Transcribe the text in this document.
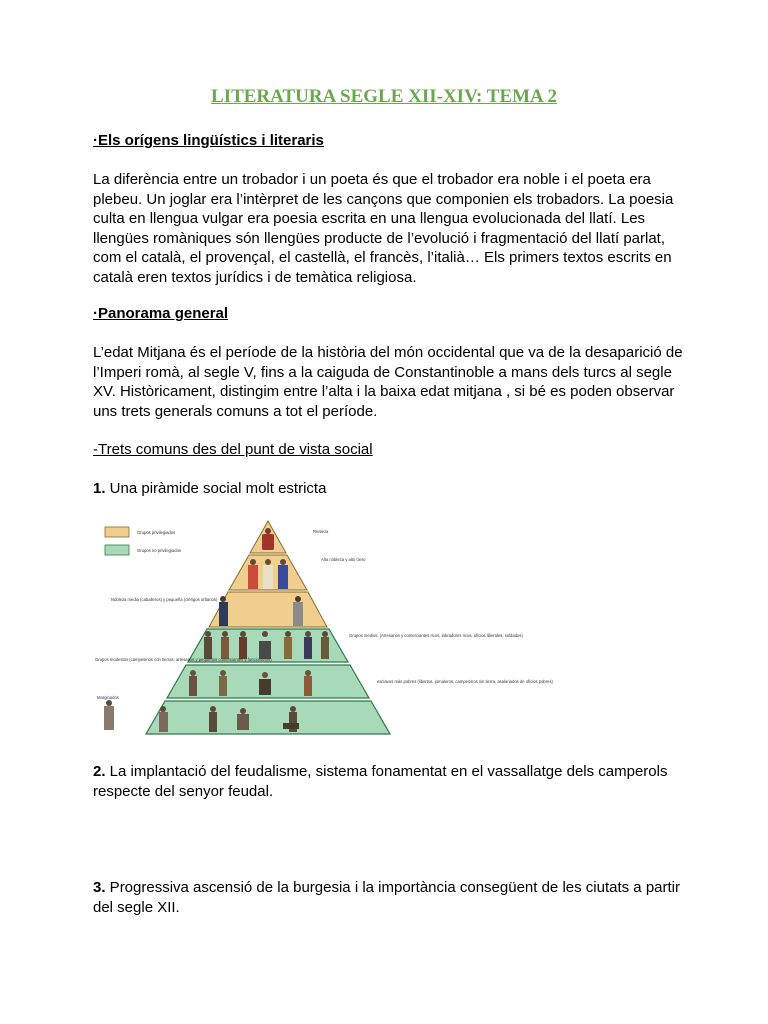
LITERATURA SEGLE XII-XIV: TEMA 2
·Els orígens lingüístics i literaris
La diferència entre un trobador i un poeta és que el trobador era noble i el poeta era plebeu. Un joglar era l’intèrpret de les cançons que componien els trobadors. La poesia culta en llengua vulgar era poesia escrita en una llengua evolucionada del llatí. Les llengües romàniques són llengües producte de l’evolució i fragmentació del llatí parlat, com el català, el provençal, el castellà, el francès, l’italià… Els primers textos escrits en català eren textos jurídics i de temàtica religiosa.
·Panorama general
L’edat Mitjana és el període de la història del món occidental que va de la desaparició de l’Imperi romà, al segle V, fins a la caiguda de Constantinoble a mans dels turcs al segle XV. Històricament, distingim entre l’alta i la baixa edat mitjana , si bé es poden observar uns trets generals comuns a tot el període.
-Trets comuns des del punt de vista social
1. Una piràmide social molt estricta
Grupos privilegiados
Grupos no privilegiados
Realeza
Alta nobleza y alto clero
Nobleza media (caballeros) y pequeña (clérigos urbanos)
Grupos medios: (Artesanos y comerciantes ricos, labradores ricos, oficios liberales, soldados)
Grupos modestos (campesinos con tierras, artesanos y pequeños comerciantes y funcionarios)
esclavos más pobres (libertos, jornaleros, campesinos sin tierra, asalariados de oficios pobres)
Marginados
2. La implantació del feudalisme, sistema fonamentat en el vassallatge dels camperols respecte del senyor feudal.
3. Progressiva ascensió de la burgesia i la importància consegüent de les ciutats a partir del segle XII.
